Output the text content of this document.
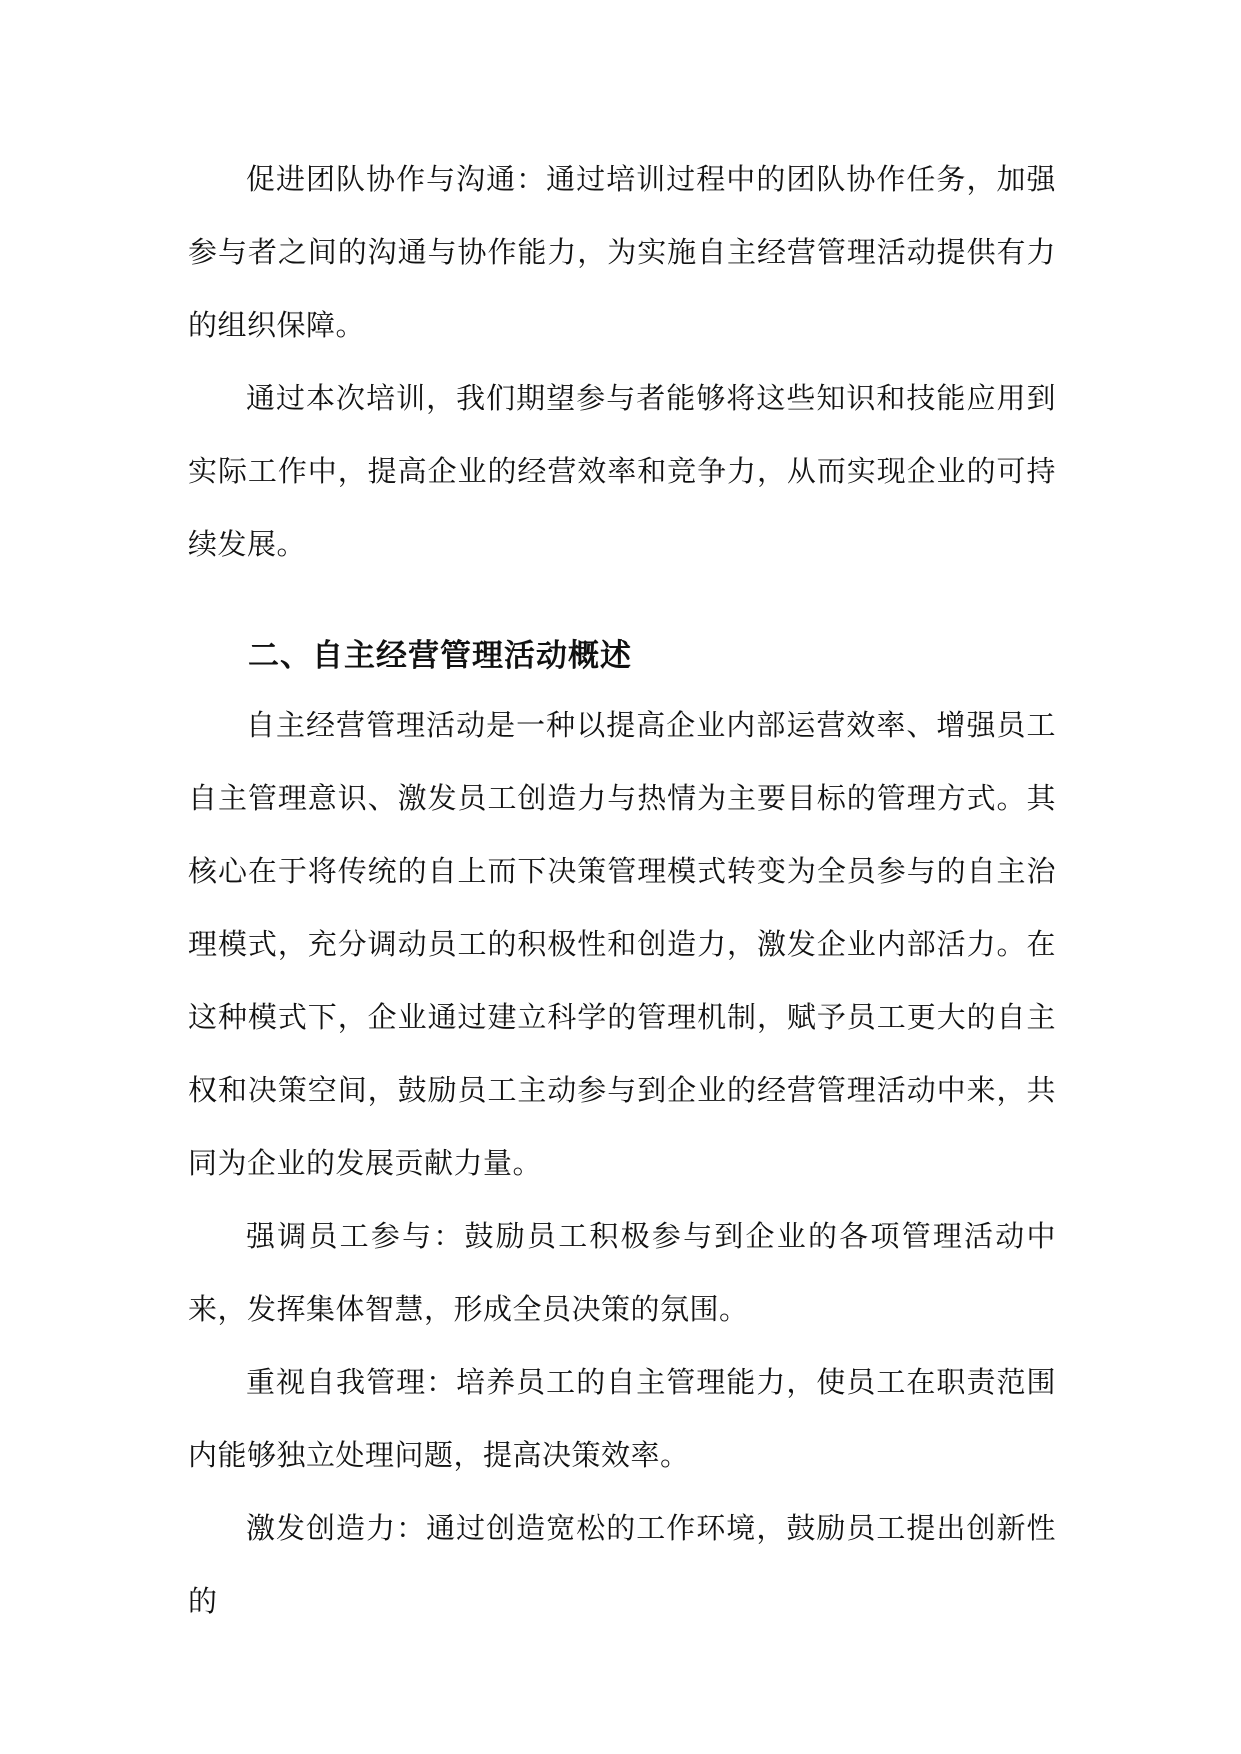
促进团队协作与沟通：通过培训过程中的团队协作任务，加强参与者之间的沟通与协作能力，为实施自主经营管理活动提供有力的组织保障。

通过本次培训，我们期望参与者能够将这些知识和技能应用到实际工作中，提高企业的经营效率和竞争力，从而实现企业的可持续发展。

二、自主经营管理活动概述

自主经营管理活动是一种以提高企业内部运营效率、增强员工自主管理意识、激发员工创造力与热情为主要目标的管理方式。其核心在于将传统的自上而下决策管理模式转变为全员参与的自主治理模式，充分调动员工的积极性和创造力，激发企业内部活力。在这种模式下，企业通过建立科学的管理机制，赋予员工更大的自主权和决策空间，鼓励员工主动参与到企业的经营管理活动中来，共同为企业的发展贡献力量。

强调员工参与：鼓励员工积极参与到企业的各项管理活动中来，发挥集体智慧，形成全员决策的氛围。

重视自我管理：培养员工的自主管理能力，使员工在职责范围内能够独立处理问题，提高决策效率。

激发创造力：通过创造宽松的工作环境，鼓励员工提出创新性的
